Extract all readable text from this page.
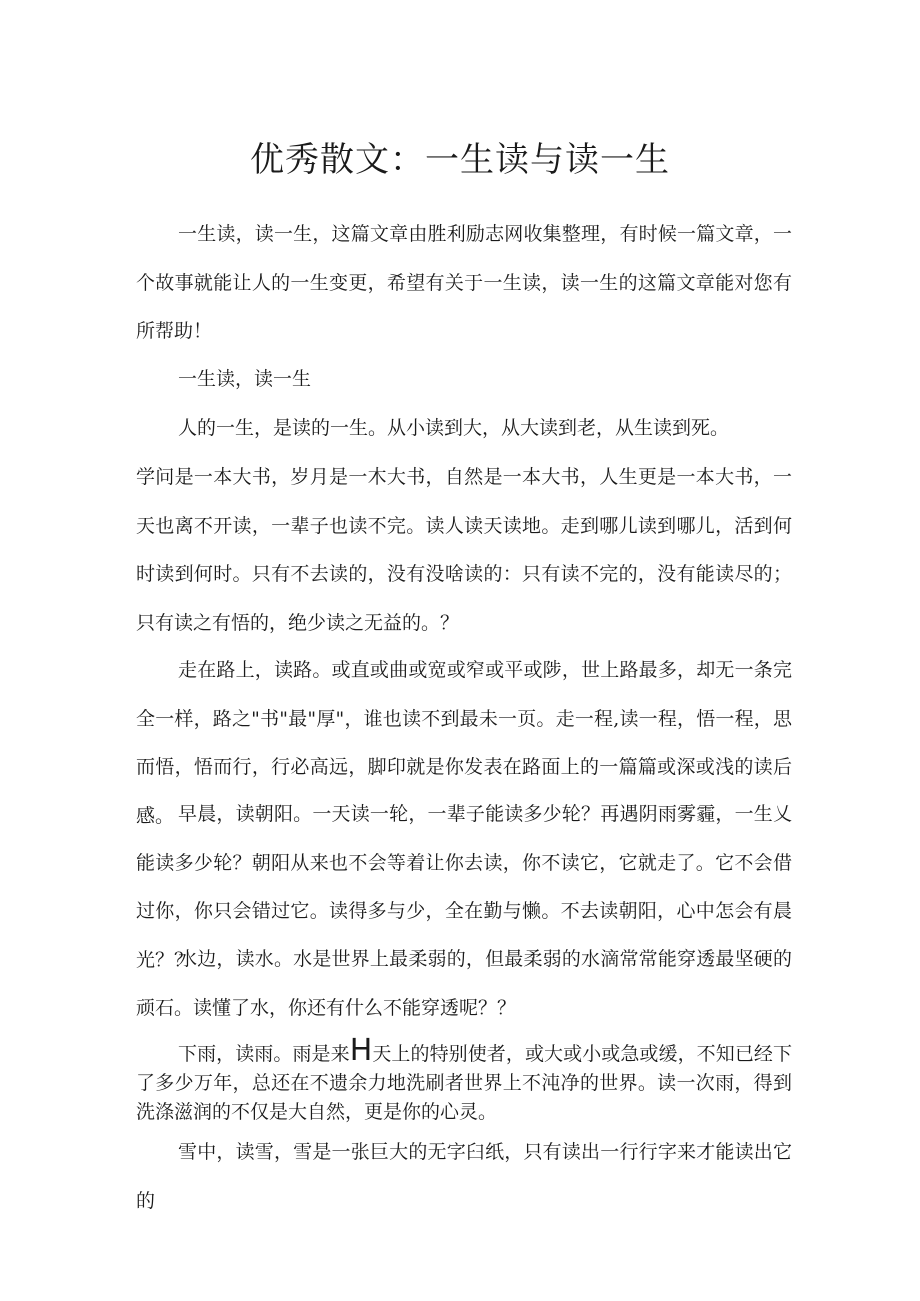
优秀散文：一生读与读一生

一生读，读一生，这篇文章由胜利励志网收集整理，有时候一篇文章，一个故事就能让人的一生变更，希望有关于一生读，读一生的这篇文章能对您有所帮助！

一生读，读一生

人的一生，是读的一生。从小读到大，从大读到老，从生读到死。

学问是一本大书，岁月是一木大书，自然是一本大书，人生更是一本大书，一天也离不开读，一辈子也读不完。读人读天读地。走到哪儿读到哪儿，活到何时读到何时。只有不去读的，没有没啥读的：只有读不完的，没有能读尽的；只有读之有悟的，绝少读之无益的。？

走在路上，读路。或直或曲或宽或窄或平或陟，世上路最多，却无一条完全一样，路之"书"最"厚"，谁也读不到最未一页。走一程,读一程，悟一程，思而悟，悟而行，行必高远，脚印就是你发表在路面上的一篇篇或深或浅的读后感。 早晨，读朝阳。一天读一轮，一辈子能读多少轮？再遇阴雨雾霾，一生乂能读多少轮？朝阳从来也不会等着让你去读，你不读它，它就走了。它不会借过你，你只会错过它。读得多与少，全在勤与懒。不去读朝阳，心中怎会有晨光？？

水边，读水。水是世界上最柔弱的，但最柔弱的水滴常常能穿透最坚硬的顽石。读懂了水，你还有什么不能穿透呢？？

下雨，读雨。雨是来H天上的特别使者，或大或小或急或缓，不知已经下了多少万年，总还在不遗余力地洗刷者世界上不沌净的世界。读一次雨，得到洗涤滋润的不仅是大自然，更是你的心灵。

雪中，读雪，雪是一张巨大的无字臼纸，只有读出一行行字来才能读出它的
